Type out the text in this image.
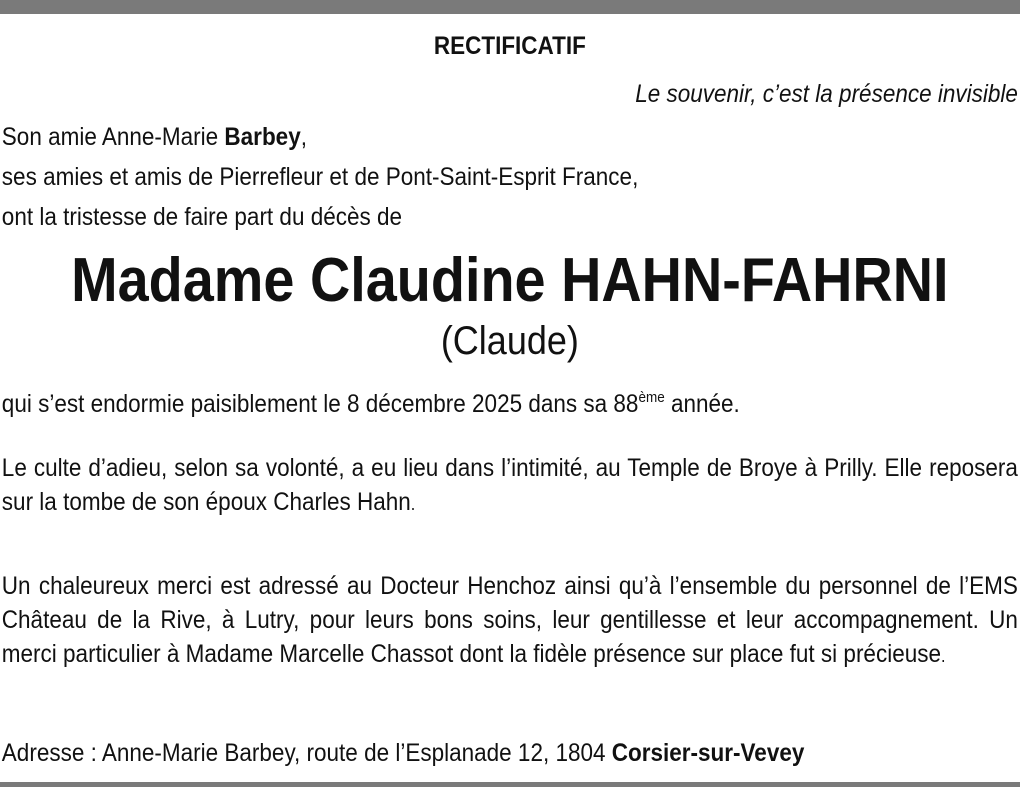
RECTIFICATIF
Le souvenir, c’est la présence invisible
Son amie Anne-Marie Barbey,
ses amies et amis de Pierrefleur et de Pont-Saint-Esprit France,
ont la tristesse de faire part du décès de
Madame Claudine HAHN-FAHRNI
(Claude)
qui s’est endormie paisiblement le 8 décembre 2025 dans sa 88ème année.
Le culte d’adieu, selon sa volonté, a eu lieu dans l’intimité, au Temple de Broye à Prilly. Elle reposera sur la tombe de son époux Charles Hahn.
Un chaleureux merci est adressé au Docteur Henchoz ainsi qu’à l’ensemble du personnel de l’EMS Château de la Rive, à Lutry, pour leurs bons soins, leur gentillesse et leur accompagnement. Un merci particulier à Madame Marcelle Chassot dont la fidèle présence sur place fut si précieuse.
Adresse : Anne-Marie Barbey, route de l’Esplanade 12, 1804 Corsier-sur-Vevey
